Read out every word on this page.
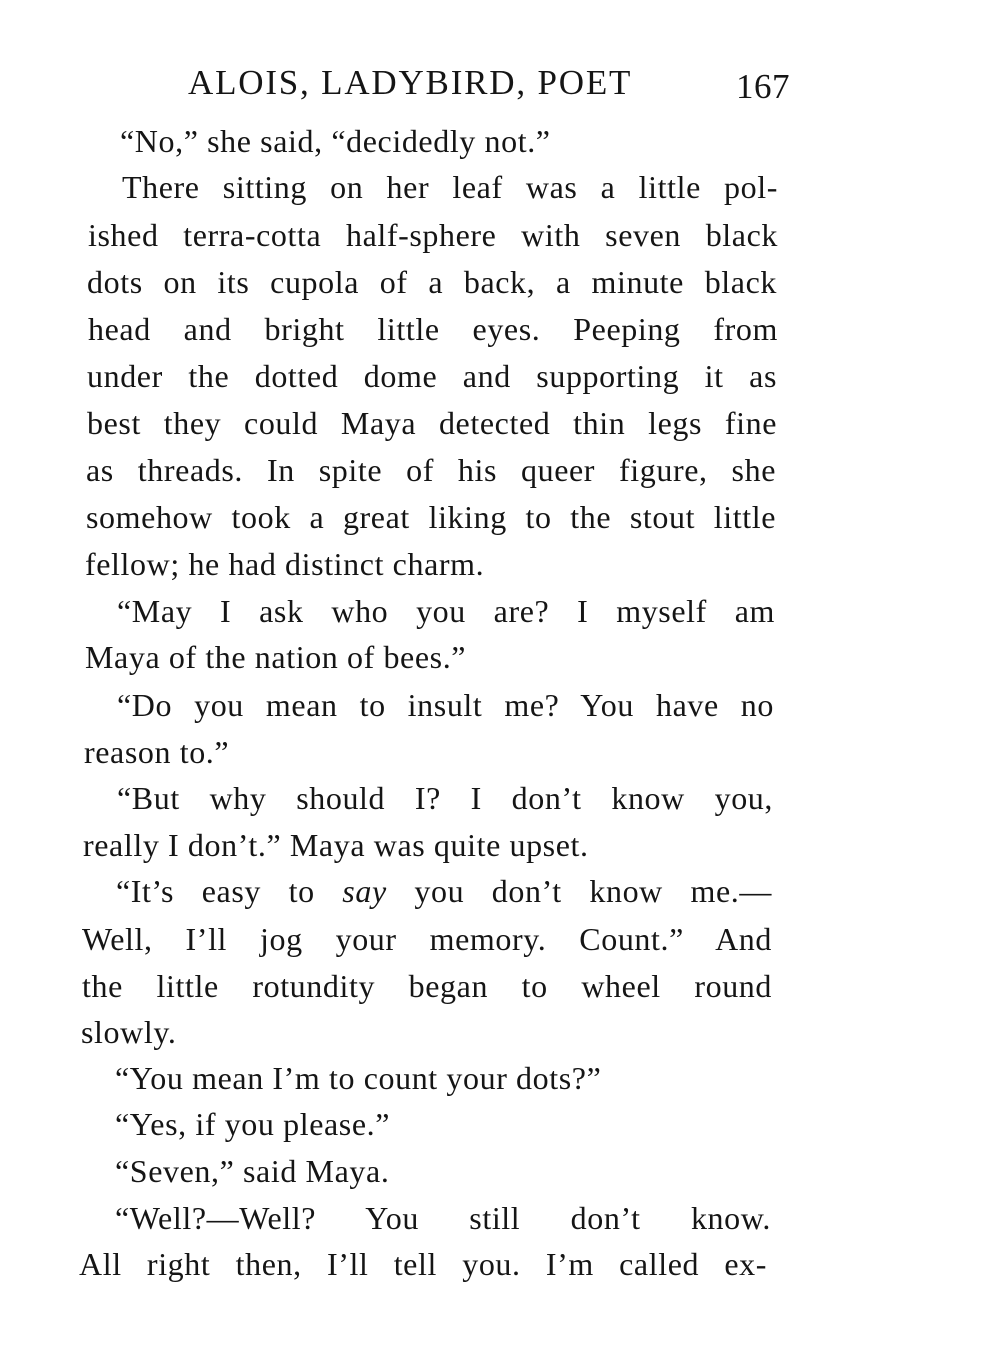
ALOIS, LADYBIRD, POET	167
“No,” she said, “decidedly not.”
There sitting on her leaf was a little pol-
ished terra-cotta half-sphere with seven black
dots on its cupola of a back, a minute black
head and bright little eyes. Peeping from
under the dotted dome and supporting it as
best they could Maya detected thin legs fine
as threads. In spite of his queer figure, she
somehow took a great liking to the stout little
fellow; he had distinct charm.
“May I ask who you are? I myself am
Maya of the nation of bees.”
“Do you mean to insult me? You have no
reason to.”
“But why should I? I don’t know you,
really I don’t.” Maya was quite upset.
“It’s easy to say you don’t know me.—
Well, I’ll jog your memory. Count.” And
the little rotundity began to wheel round
slowly.
“You mean I’m to count your dots?”
“Yes, if you please.”
“Seven,” said Maya.
“Well?—Well? You still don’t know.
All right then, I’ll tell you. I’m called ex-
